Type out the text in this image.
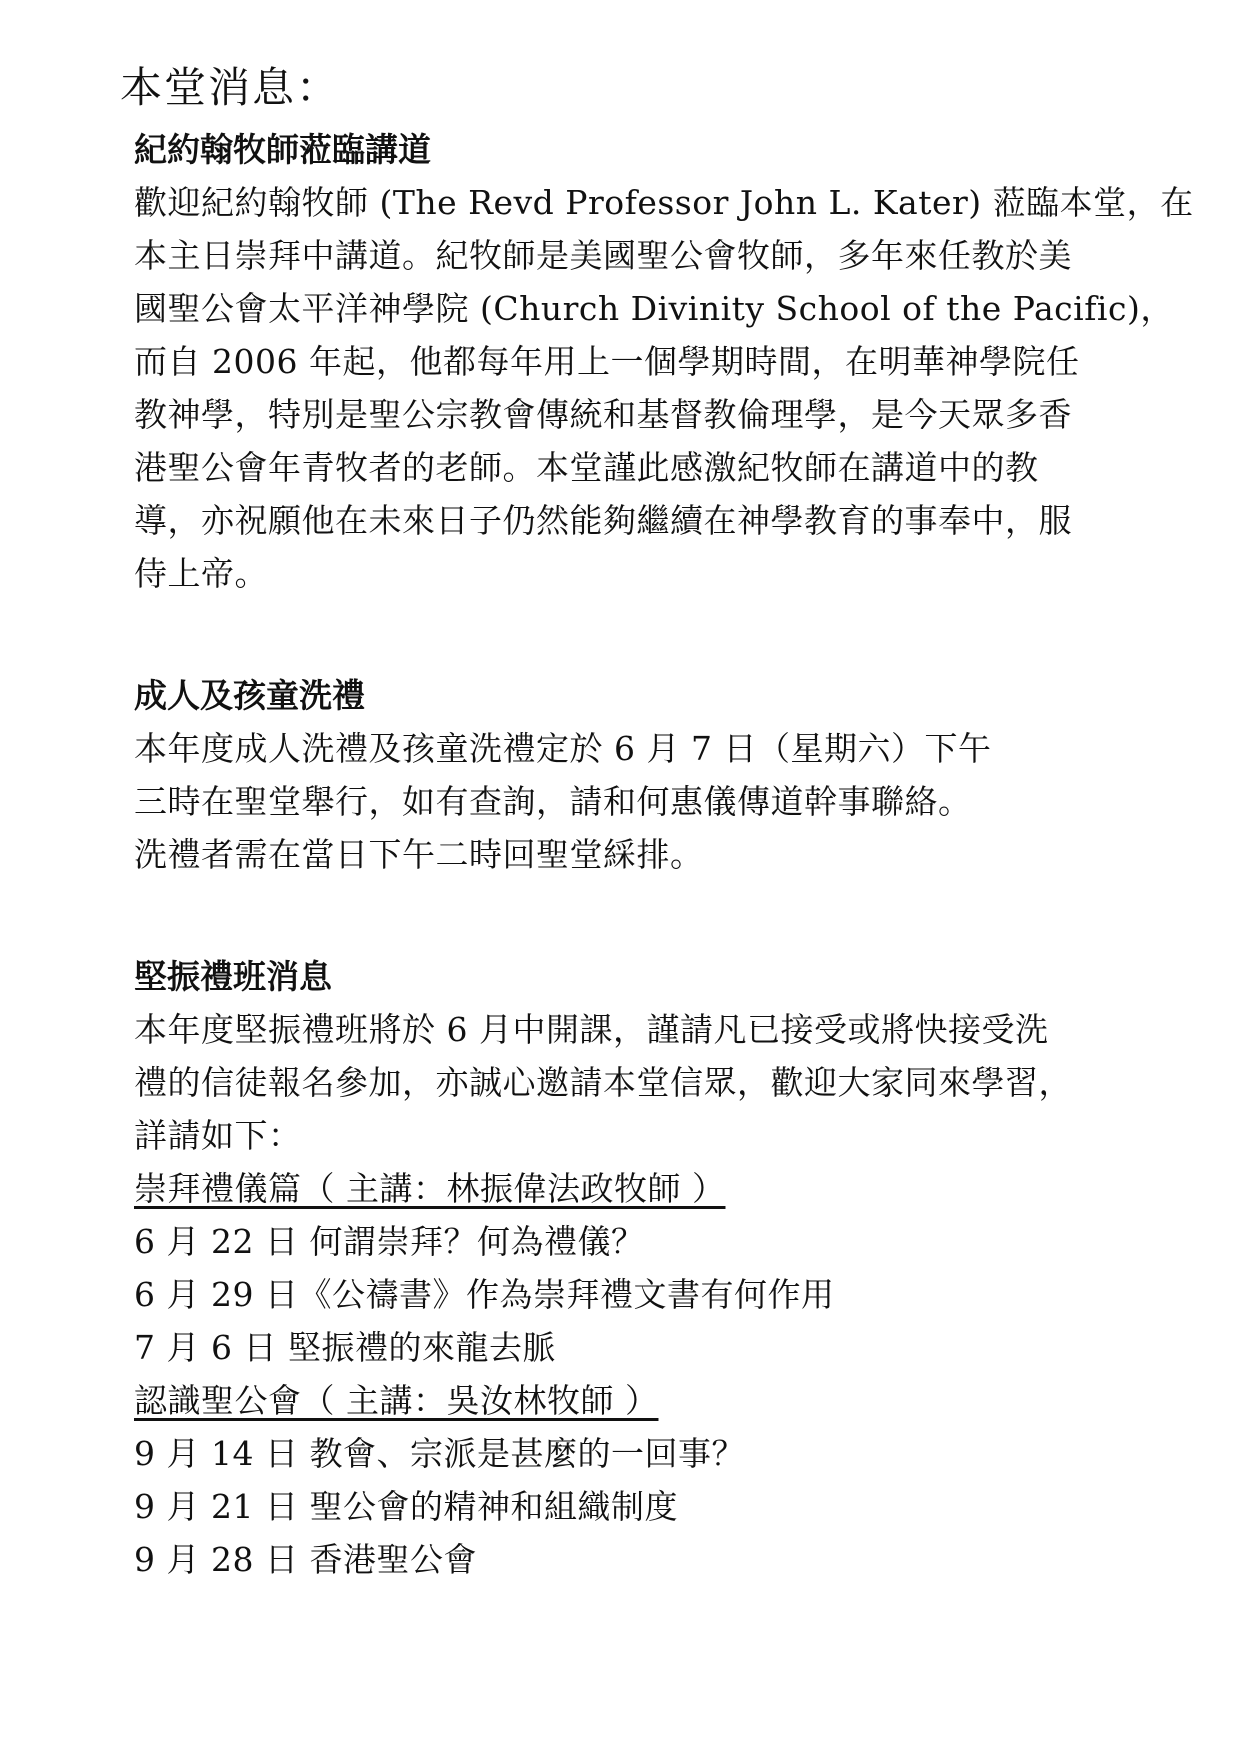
本堂消息：
紀約翰牧師蒞臨講道

歡迎紀約翰牧師 (The Revd Professor John L. Kater) 蒞臨本堂，在

本主日崇拜中講道。紀牧師是美國聖公會牧師，多年來任教於美

國聖公會太平洋神學院 (Church Divinity School of the Pacific)，

而自 2006 年起，他都每年用上一個學期時間，在明華神學院任

教神學，特別是聖公宗教會傳統和基督教倫理學，是今天眾多香

港聖公會年青牧者的老師。本堂謹此感激紀牧師在講道中的教

導，亦祝願他在未來日子仍然能夠繼續在神學教育的事奉中，服

侍上帝。

成人及孩童洗禮

本年度成人洗禮及孩童洗禮定於 6 月 7 日（星期六）下午

三時在聖堂舉行，如有查詢，請和何惠儀傳道幹事聯絡。

洗禮者需在當日下午二時回聖堂綵排。

堅振禮班消息

本年度堅振禮班將於 6 月中開課，謹請凡已接受或將快接受洗

禮的信徒報名參加，亦誠心邀請本堂信眾，歡迎大家同來學習，

詳請如下：

崇拜禮儀篇（ 主講：林振偉法政牧師 ）

6 月 22 日 何謂崇拜？何為禮儀？

6 月 29 日《公禱書》作為崇拜禮文書有何作用

7 月 6 日 堅振禮的來龍去脈

認識聖公會（ 主講：吳汝林牧師 ）

9 月 14 日 教會、宗派是甚麼的一回事？

9 月 21 日 聖公會的精神和組織制度

9 月 28 日 香港聖公會
